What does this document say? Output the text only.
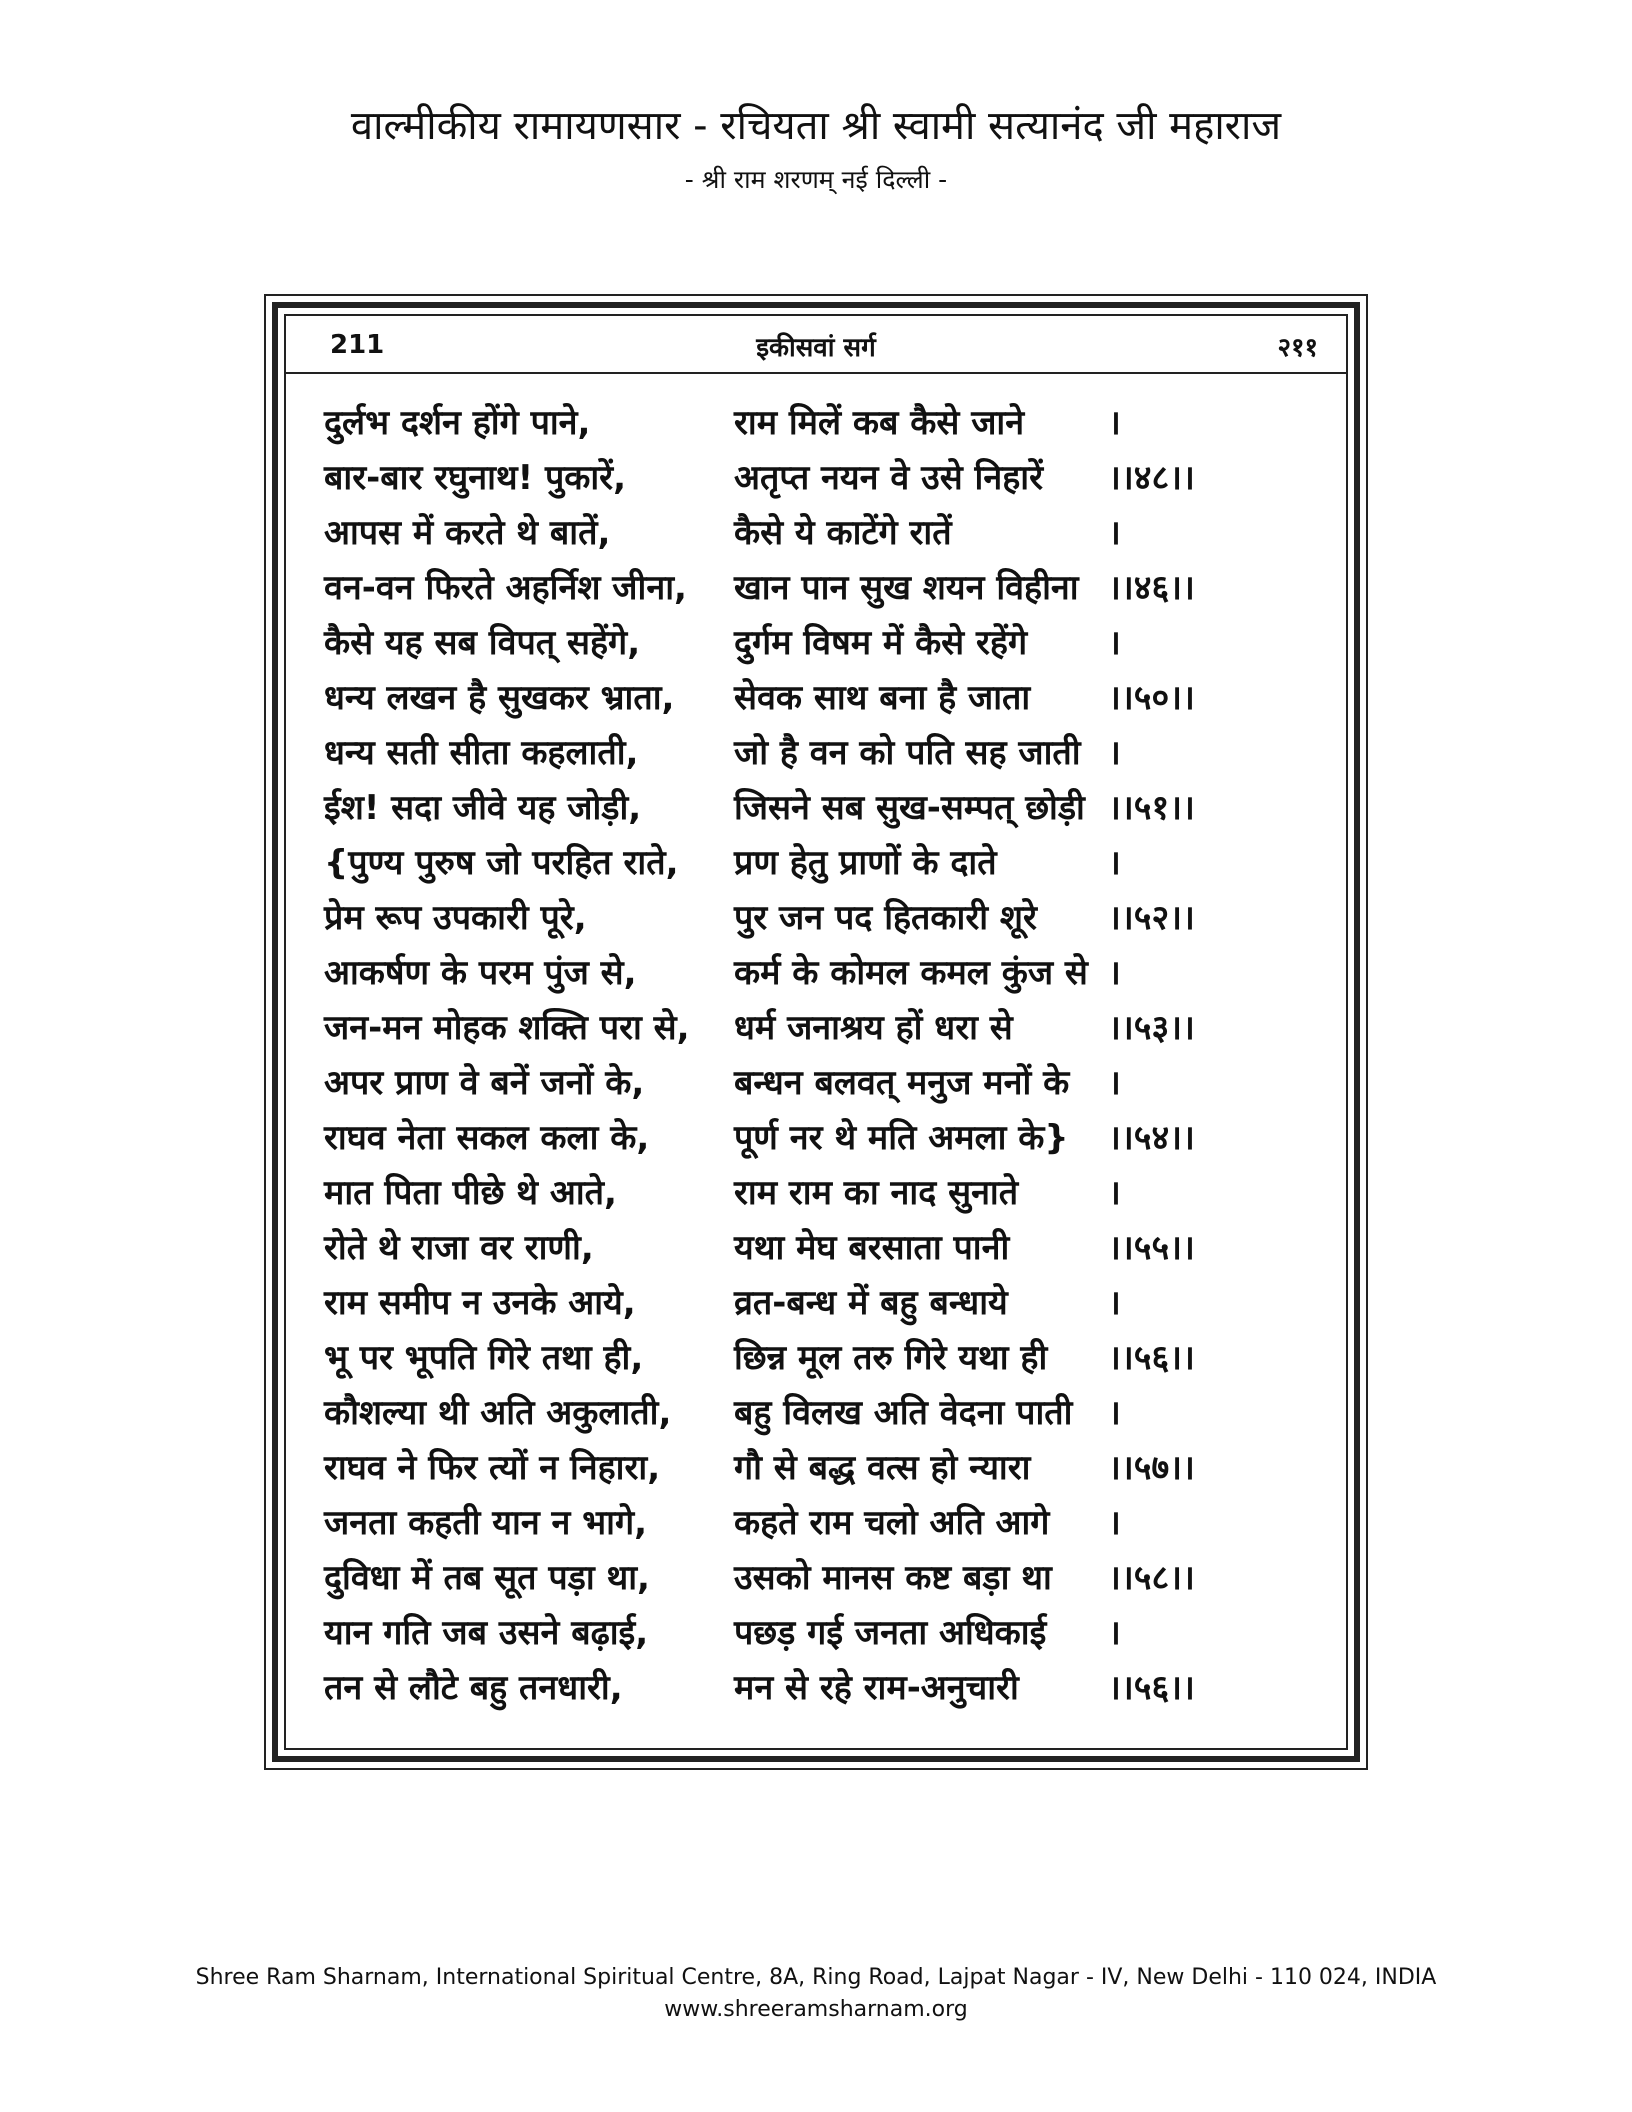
वाल्मीकीय रामायणसार - रचियता श्री स्वामी सत्यानंद जी महाराज
- श्री राम शरणम् नई दिल्ली -
211	इकीसवां सर्ग	२११
दुर्लभ दर्शन होंगे पाने,	राम मिलें कब कैसे जाने	।
बार-बार रघुनाथ! पुकारें,	अतृप्त नयन वे उसे निहारें	।।४८।।
आपस में करते थे बातें,	कैसे ये काटेंगे रातें	।
वन-वन फिरते अहर्निश जीना,	खान पान सुख शयन विहीना ।।४६।।
कैसे यह सब विपत् सहेंगे,	दुर्गम विषम में कैसे रहेंगे	।
धन्य लखन है सुखकर भ्राता,	सेवक साथ बना है जाता	।।५०।।
धन्य सती सीता कहलाती,	जो है वन को पति सह जाती ।
ईश! सदा जीवे यह जोड़ी,	जिसने सब सुख-सम्पत् छोड़ी ।।५१।।
{पुण्य पुरुष जो परहित राते,	प्रण हेतु प्राणों के दाते	।
प्रेम रूप उपकारी पूरे,	पुर जन पद हितकारी शूरे	।।५२।।
आकर्षण के परम पुंज से,	कर्म के कोमल कमल कुंज से ।
जन-मन मोहक शक्ति परा से,	धर्म जनाश्रय हों धरा से	।।५३।।
अपर प्राण वे बनें जनों के,	बन्धन बलवत् मनुज मनों के	।
राघव नेता सकल कला के,	पूर्ण नर थे मति अमला के}	।।५४।।
मात पिता पीछे थे आते,	राम राम का नाद सुनाते	।
रोते थे राजा वर राणी,	यथा मेघ बरसाता पानी	।।५५।।
राम समीप न उनके आये,	व्रत-बन्ध में बहु बन्धाये	।
भू पर भूपति गिरे तथा ही,	छिन्न मूल तरु गिरे यथा ही	।।५६।।
कौशल्या थी अति अकुलाती,	बहु विलख अति वेदना पाती	।
राघव ने फिर त्यों न निहारा,	गौ से बद्ध वत्स हो न्यारा	।।५७।।
जनता कहती यान न भागे,	कहते राम चलो अति आगे	।
दुविधा में तब सूत पड़ा था,	उसको मानस कष्ट बड़ा था	।।५८।।
यान गति जब उसने बढ़ाई,	पछड़ गई जनता अधिकाई	।
तन से लौटे बहु तनधारी,	मन से रहे राम-अनुचारी	।।५६।।
Shree Ram Sharnam, International Spiritual Centre, 8A, Ring Road, Lajpat Nagar - IV, New Delhi - 110 024, INDIA
www.shreeramsharnam.org
